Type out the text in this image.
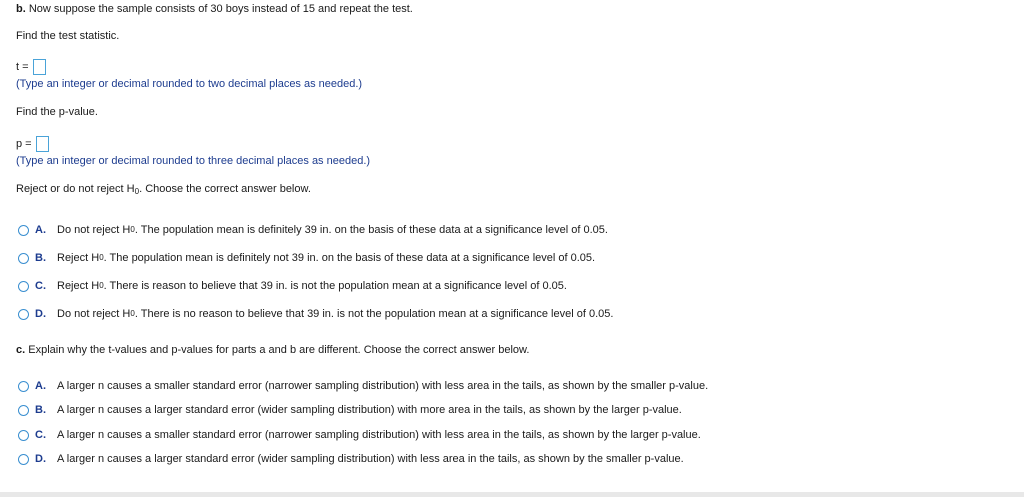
b. Now suppose the sample consists of 30 boys instead of 15 and repeat the test.
Find the test statistic.
t =
(Type an integer or decimal rounded to two decimal places as needed.)
Find the p-value.
p =
(Type an integer or decimal rounded to three decimal places as needed.)
Reject or do not reject $H_0$. Choose the correct answer below.
A.	Do not reject H 0 . The population mean is definitely 39 in. on the basis of these data at a significance level of 0.05.
B.	Reject H 0 . The population mean is definitely not 39 in. on the basis of these data at a significance level of 0.05.
C.	Reject H 0 . There is reason to believe that 39 in. is not the population mean at a significance level of 0.05.
D.	Do not reject H 0 . There is no reason to believe that 39 in. is not the population mean at a significance level of 0.05.
c. Explain why the t-values and p-values for parts a and b are different. Choose the correct answer below.
A.	A larger n causes a smaller standard error (narrower sampling distribution) with less area in the tails, as shown by the smaller p-value.
B.	A larger n causes a larger standard error (wider sampling distribution) with more area in the tails, as shown by the larger p-value.
C.	A larger n causes a smaller standard error (narrower sampling distribution) with less area in the tails, as shown by the larger p-value.
D.	A larger n causes a larger standard error (wider sampling distribution) with less area in the tails, as shown by the smaller p-value.
